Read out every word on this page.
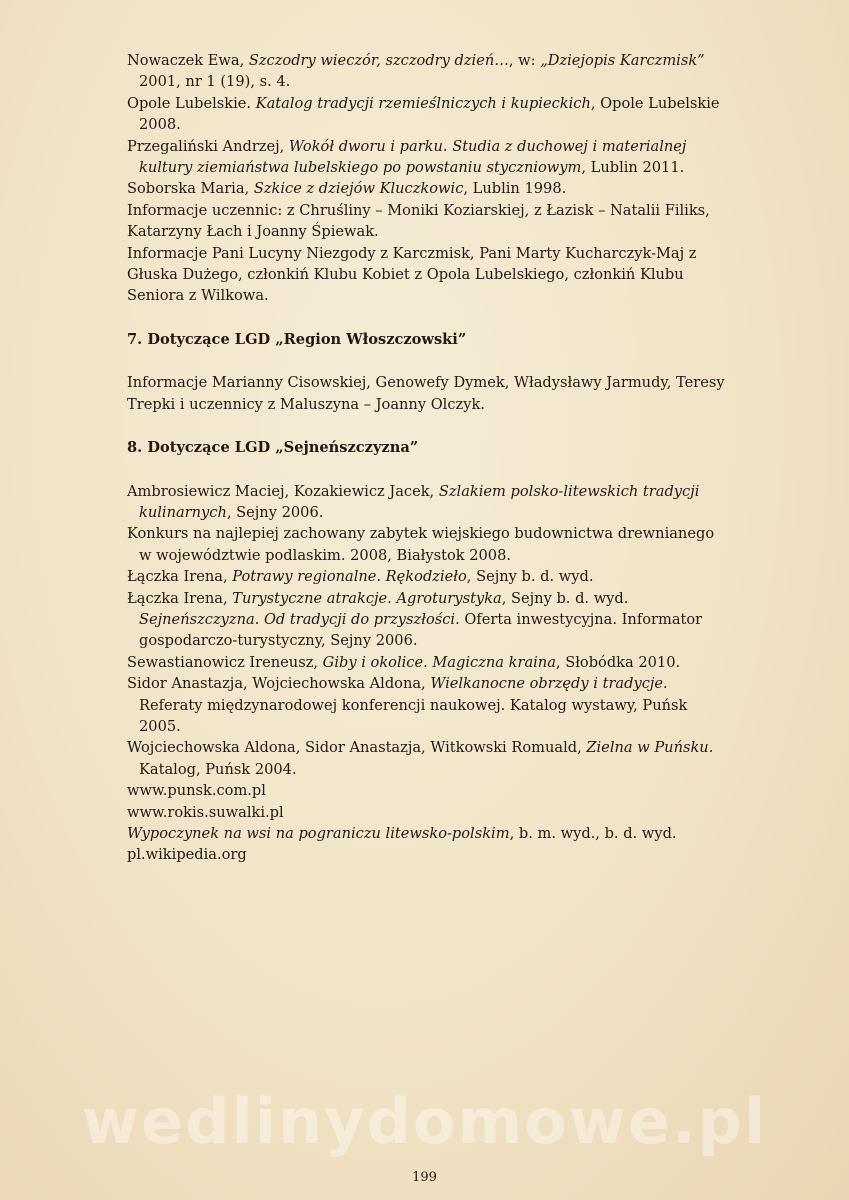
Nowaczek Ewa, Szczodry wieczór, szczodry dzień…, w: „Dziejopis Karczmisk” 2001, nr 1 (19), s. 4.

Opole Lubelskie. Katalog tradycji rzemieślniczych i kupieckich, Opole Lubelskie 2008.

Przegaliński Andrzej, Wokół dworu i parku. Studia z duchowej i materialnej kultury ziemiaństwa lubelskiego po powstaniu styczniowym, Lublin 2011.

Soborska Maria, Szkice z dziejów Kluczkowic, Lublin 1998.

Informacje uczennic: z Chruśliny – Moniki Koziarskiej, z Łazisk – Natalii Filiks, Katarzyny Łach i Joanny Śpiewak.

Informacje Pani Lucyny Niezgody z Karczmisk, Pani Marty Kucharczyk-Maj z Głuska Dużego, członkiń Klubu Kobiet z Opola Lubelskiego, członkiń Klubu Seniora z Wilkowa.

7. Dotyczące LGD „Region Włoszczowski”

Informacje Marianny Cisowskiej, Genowefy Dymek, Władysławy Jarmudy, Teresy Trepki i uczennicy z Maluszyna – Joanny Olczyk.

8. Dotyczące LGD „Sejneńszczyzna”

Ambrosiewicz Maciej, Kozakiewicz Jacek, Szlakiem polsko-litewskich tradycji kulinarnych, Sejny 2006.

Konkurs na najlepiej zachowany zabytek wiejskiego budownictwa drewnianego w województwie podlaskim. 2008, Białystok 2008.

Łączka Irena, Potrawy regionalne. Rękodzieło, Sejny b. d. wyd.

Łączka Irena, Turystyczne atrakcje. Agroturystyka, Sejny b. d. wyd. Sejneńszczyzna. Od tradycji do przyszłości. Oferta inwestycyjna. Informator gospodarczo-turystyczny, Sejny 2006.

Sewastianowicz Ireneusz, Giby i okolice. Magiczna kraina, Słobódka 2010.

Sidor Anastazja, Wojciechowska Aldona, Wielkanocne obrzędy i tradycje. Referaty międzynarodowej konferencji naukowej. Katalog wystawy, Puńsk 2005.

Wojciechowska Aldona, Sidor Anastazja, Witkowski Romuald, Zielna w Puńsku. Katalog, Puńsk 2004.

www.punsk.com.pl

www.rokis.suwalki.pl

Wypoczynek na wsi na pograniczu litewsko-polskim, b. m. wyd., b. d. wyd.

pl.wikipedia.org

wedlinydomowe.pl
199
